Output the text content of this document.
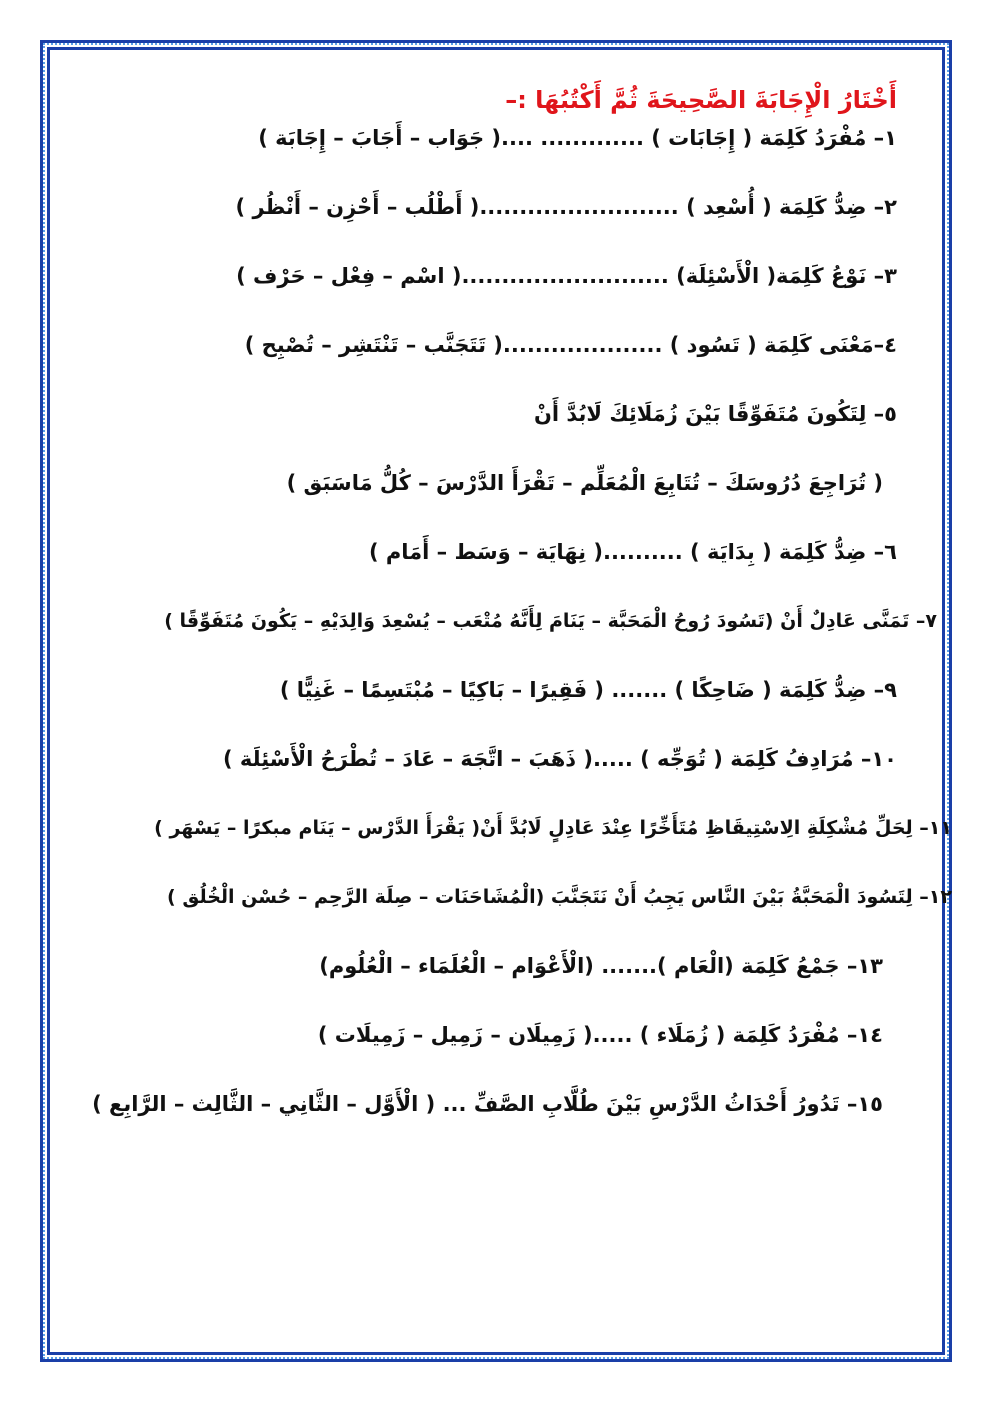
أَخْتَارُ الْإِجَابَةَ الصَّحِيحَةَ ثُمَّ أَكْتُبُهَا :–
١– مُفْرَدُ كَلِمَة ( إِجَابَات ) ............. ....( جَوَاب – أَجَابَ – إِجَابَة )
٢– ضِدُّ كَلِمَة ( أُسْعِد ) .........................( أَطْلُب – أَحْزِن – أَنْظُر )
٣– نَوْعُ كَلِمَة( الْأَسْئِلَة) ..........................( اسْم – فِعْل – حَرْف )
٤–مَعْنَى كَلِمَة ( تَسُود ) ....................( تَتَجَنَّب – تَنْتَشِر – تُصْبِح )
٥– لِتَكُونَ مُتَفَوِّقًا بَيْنَ زُمَلَائِكَ لَابُدَّ أَنْ
( تُرَاجِعَ دُرُوسَكَ – تُتَابِعَ الْمُعَلِّم – تَقْرَأَ الدَّرْسَ – كُلُّ مَاسَبَق )
٦– ضِدُّ كَلِمَة ( بِدَايَة ) ..........( نِهَايَة – وَسَط – أَمَام )
٧– تَمَنَّى عَادِلٌ أَنْ (تَسُودَ رُوحُ الْمَحَبَّة – يَنَامَ لِأَنَّهُ مُتْعَب – يُسْعِدَ وَالِدَيْهِ – يَكُونَ مُتَفَوِّقًا )
٩– ضِدُّ كَلِمَة ( ضَاحِكًا ) ....... ( فَقِيرًا – بَاكِيًا – مُبْتَسِمًا – غَنِيًّا )
١٠– مُرَادِفُ كَلِمَة ( تُوَجِّه ) .....( ذَهَبَ – اتَّجَهَ – عَادَ – تُطْرَحُ الْأَسْئِلَة )
١١– لِحَلِّ مُشْكِلَةِ الِاسْتِيقَاظِ مُتَأَخِّرًا عِنْدَ عَادِلٍ لَابُدَّ أَنْ( يَقْرَأَ الدَّرْس – يَنَام مبكرًا – يَسْهَر )
١٢– لِتَسُودَ الْمَحَبَّةُ بَيْنَ النَّاس يَجِبُ أَنْ نَتَجَنَّبَ (الْمُشَاحَنَات – صِلَة الرَّحِم – حُسْن الْخُلُق )
١٣– جَمْعُ كَلِمَة (الْعَام )....... (الْأَعْوَام – الْعُلَمَاء – الْعُلُوم)
١٤– مُفْرَدُ كَلِمَة ( زُمَلَاء ) .....( زَمِيلَان – زَمِيل – زَمِيلَات )
١٥– تَدُورُ أَحْدَاثُ الدَّرْسِ بَيْنَ طُلَّابِ الصَّفِّ ... ( الْأَوَّل – الثَّانِي – الثَّالِث – الرَّابِع )
